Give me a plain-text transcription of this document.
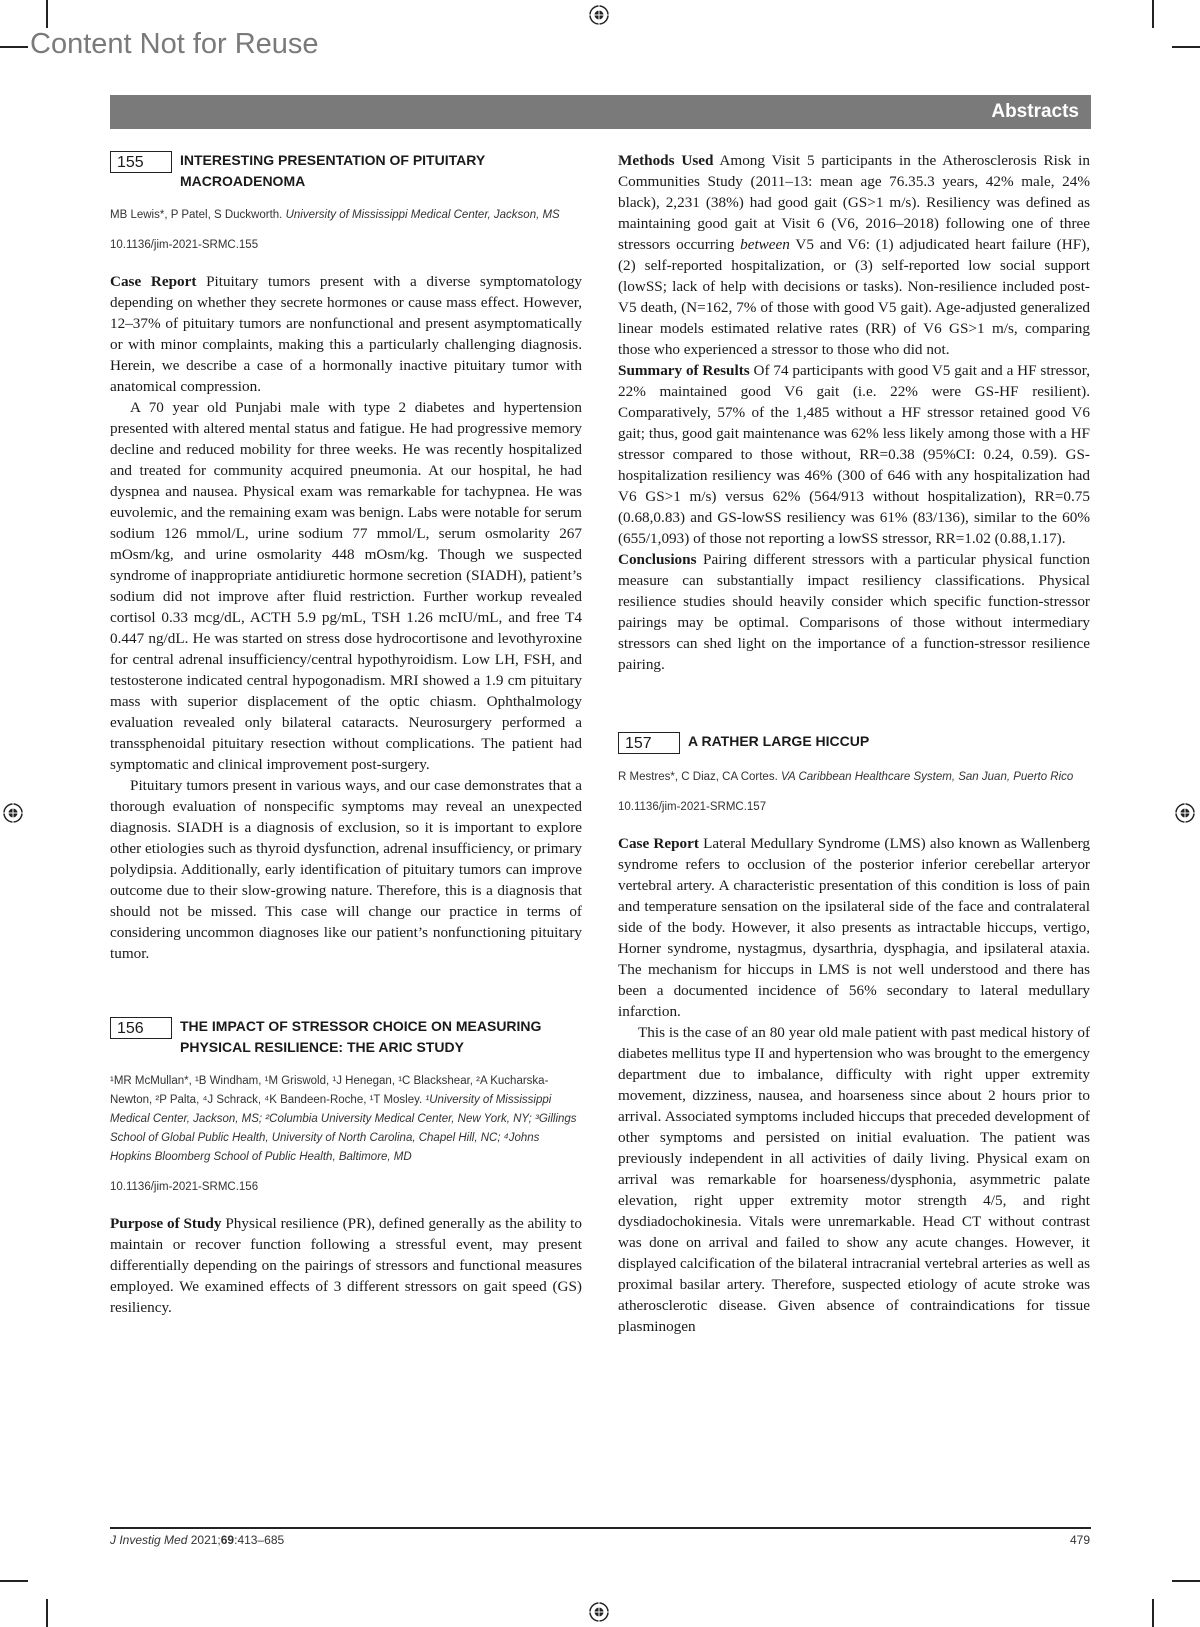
Content Not for Reuse
Abstracts
155	INTERESTING PRESENTATION OF PITUITARY MACROADENOMA
MB Lewis*, P Patel, S Duckworth. University of Mississippi Medical Center, Jackson, MS
10.1136/jim-2021-SRMC.155

Case Report Pituitary tumors present with a diverse symptomatology depending on whether they secrete hormones or cause mass effect. However, 12–37% of pituitary tumors are nonfunctional and present asymptomatically or with minor complaints, making this a particularly challenging diagnosis. Herein, we describe a case of a hormonally inactive pituitary tumor with anatomical compression.

A 70 year old Punjabi male with type 2 diabetes and hypertension presented with altered mental status and fatigue. He had progressive memory decline and reduced mobility for three weeks. He was recently hospitalized and treated for community acquired pneumonia. At our hospital, he had dyspnea and nausea. Physical exam was remarkable for tachypnea. He was euvolemic, and the remaining exam was benign. Labs were notable for serum sodium 126 mmol/L, urine sodium 77 mmol/L, serum osmolarity 267 mOsm/kg, and urine osmolarity 448 mOsm/kg. Though we suspected syndrome of inappropriate antidiuretic hormone secretion (SIADH), patient’s sodium did not improve after fluid restriction. Further workup revealed cortisol 0.33 mcg/dL, ACTH 5.9 pg/mL, TSH 1.26 mcIU/mL, and free T4 0.447 ng/dL. He was started on stress dose hydrocortisone and levothyroxine for central adrenal insufficiency/central hypothyroidism. Low LH, FSH, and testosterone indicated central hypogonadism. MRI showed a 1.9 cm pituitary mass with superior displacement of the optic chiasm. Ophthalmology evaluation revealed only bilateral cataracts. Neurosurgery performed a transsphenoidal pituitary resection without complications. The patient had symptomatic and clinical improvement post-surgery.

Pituitary tumors present in various ways, and our case demonstrates that a thorough evaluation of nonspecific symptoms may reveal an unexpected diagnosis. SIADH is a diagnosis of exclusion, so it is important to explore other etiologies such as thyroid dysfunction, adrenal insufficiency, or primary polydipsia. Additionally, early identification of pituitary tumors can improve outcome due to their slow-growing nature. Therefore, this is a diagnosis that should not be missed. This case will change our practice in terms of considering uncommon diagnoses like our patient’s nonfunctioning pituitary tumor.

156	THE IMPACT OF STRESSOR CHOICE ON MEASURING PHYSICAL RESILIENCE: THE ARIC STUDY
¹MR McMullan*, ¹B Windham, ¹M Griswold, ¹J Henegan, ¹C Blackshear, ²A Kucharska-Newton, ²P Palta, ⁴J Schrack, ⁴K Bandeen-Roche, ¹T Mosley. ¹University of Mississippi Medical Center, Jackson, MS; ²Columbia University Medical Center, New York, NY; ³Gillings School of Global Public Health, University of North Carolina, Chapel Hill, NC; ⁴Johns Hopkins Bloomberg School of Public Health, Baltimore, MD
10.1136/jim-2021-SRMC.156

Purpose of Study Physical resilience (PR), defined generally as the ability to maintain or recover function following a stressful event, may present differentially depending on the pairings of stressors and functional measures employed. We examined effects of 3 different stressors on gait speed (GS) resiliency.

Methods Used Among Visit 5 participants in the Atherosclerosis Risk in Communities Study (2011–13: mean age 76.35.3 years, 42% male, 24% black), 2,231 (38%) had good gait (GS>1 m/s). Resiliency was defined as maintaining good gait at Visit 6 (V6, 2016–2018) following one of three stressors occurring between V5 and V6: (1) adjudicated heart failure (HF), (2) self-reported hospitalization, or (3) self-reported low social support (lowSS; lack of help with decisions or tasks). Non-resilience included post-V5 death, (N=162, 7% of those with good V5 gait). Age-adjusted generalized linear models estimated relative rates (RR) of V6 GS>1 m/s, comparing those who experienced a stressor to those who did not.

Summary of Results Of 74 participants with good V5 gait and a HF stressor, 22% maintained good V6 gait (i.e. 22% were GS-HF resilient). Comparatively, 57% of the 1,485 without a HF stressor retained good V6 gait; thus, good gait maintenance was 62% less likely among those with a HF stressor compared to those without, RR=0.38 (95%CI: 0.24, 0.59). GS-hospitalization resiliency was 46% (300 of 646 with any hospitalization had V6 GS>1 m/s) versus 62% (564/913 without hospitalization), RR=0.75 (0.68,0.83) and GS-lowSS resiliency was 61% (83/136), similar to the 60% (655/1,093) of those not reporting a lowSS stressor, RR=1.02 (0.88,1.17).

Conclusions Pairing different stressors with a particular physical function measure can substantially impact resiliency classifications. Physical resilience studies should heavily consider which specific function-stressor pairings may be optimal. Comparisons of those without intermediary stressors can shed light on the importance of a function-stressor resilience pairing.

157	A RATHER LARGE HICCUP
R Mestres*, C Diaz, CA Cortes. VA Caribbean Healthcare System, San Juan, Puerto Rico
10.1136/jim-2021-SRMC.157

Case Report Lateral Medullary Syndrome (LMS) also known as Wallenberg syndrome refers to occlusion of the posterior inferior cerebellar arteryor vertebral artery. A characteristic presentation of this condition is loss of pain and temperature sensation on the ipsilateral side of the face and contralateral side of the body. However, it also presents as intractable hiccups, vertigo, Horner syndrome, nystagmus, dysarthria, dysphagia, and ipsilateral ataxia. The mechanism for hiccups in LMS is not well understood and there has been a documented incidence of 56% secondary to lateral medullary infarction.

This is the case of an 80 year old male patient with past medical history of diabetes mellitus type II and hypertension who was brought to the emergency department due to imbalance, difficulty with right upper extremity movement, dizziness, nausea, and hoarseness since about 2 hours prior to arrival. Associated symptoms included hiccups that preceded development of other symptoms and persisted on initial evaluation. The patient was previously independent in all activities of daily living. Physical exam on arrival was remarkable for hoarseness/dysphonia, asymmetric palate elevation, right upper extremity motor strength 4/5, and right dysdiadochokinesia. Vitals were unremarkable. Head CT without contrast was done on arrival and failed to show any acute changes. However, it displayed calcification of the bilateral intracranial vertebral arteries as well as proximal basilar artery. Therefore, suspected etiology of acute stroke was atherosclerotic disease. Given absence of contraindications for tissue plasminogen

J Investig Med 2021;69:413–685	479
